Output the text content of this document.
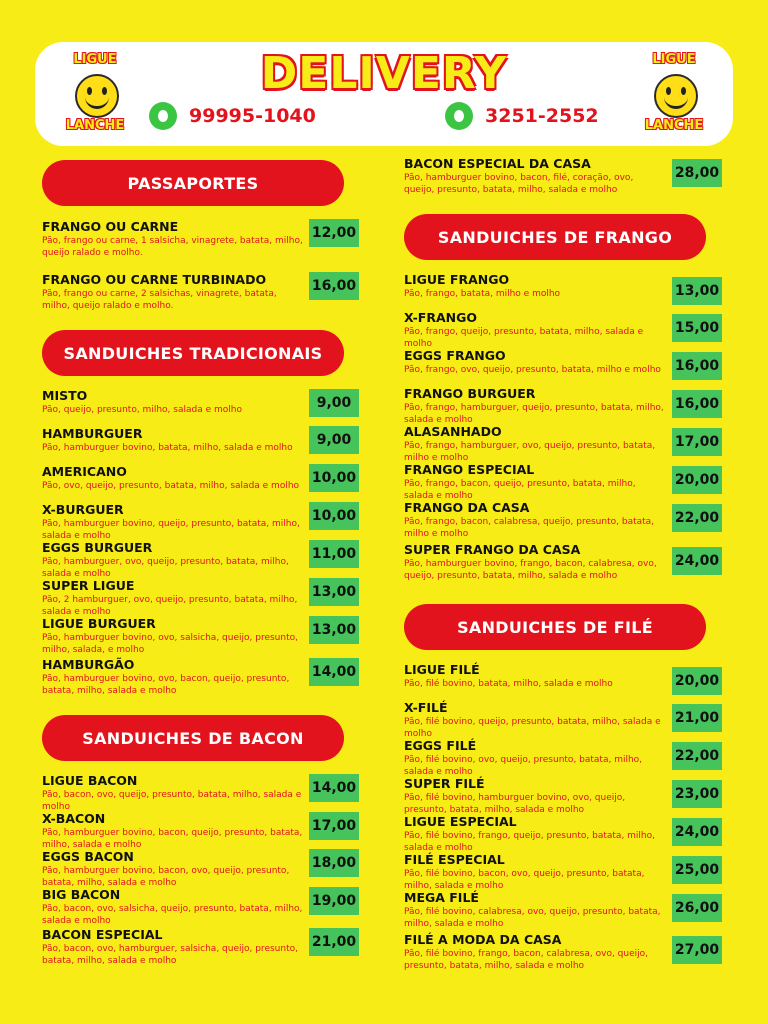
LIGUE
LANCHE
DELIVERY
99995-1040	3251-2552
LIGUE
LANCHE
PASSAPORTES
FRANGO OU CARNE
Pão, frango ou carne, 1 salsicha, vinagrete, batata, milho, queijo ralado e molho.
12,00
FRANGO OU CARNE TURBINADO
Pão, frango ou carne, 2 salsichas, vinagrete, batata, milho, queijo ralado e molho.
16,00
SANDUICHES TRADICIONAIS
MISTO
Pão, queijo, presunto, milho, salada e molho	9,00
HAMBURGUER
Pão, hamburguer bovino, batata, milho, salada e molho	9,00
AMERICANO
Pão, ovo, queijo, presunto, batata, milho, salada e molho 10,00
X-BURGUER
Pão, hamburguer bovino, queijo, presunto, batata, milho, salada e molho
10,00
EGGS BURGUER
Pão, hamburguer, ovo, queijo, presunto, batata, milho, salada e molho
11,00
SUPER LIGUE
Pão, 2 hamburguer, ovo, queijo, presunto, batata, milho, salada e molho
13,00
LIGUE BURGUER
Pão, hamburguer bovino, ovo, salsicha, queijo, presunto, milho, salada, e molho
13,00
HAMBURGÃO
Pão, hamburguer bovino, ovo, bacon, queijo, presunto, batata, milho, salada e molho
14,00
SANDUICHES DE BACON
LIGUE BACON
Pão, bacon, ovo, queijo, presunto, batata, milho, salada e molho
14,00
X-BACON
Pão, hamburguer bovino, bacon, queijo, presunto, batata, milho, salada e molho
17,00
EGGS BACON
Pão, hamburguer bovino, bacon, ovo, queijo, presunto, batata, milho, salada e molho
18,00
BIG BACON
Pão, bacon, ovo, salsicha, queijo, presunto, batata, milho, salada e molho
19,00
BACON ESPECIAL
Pão, bacon, ovo, hamburguer, salsicha, queijo, presunto, batata, milho, salada e molho
21,00
BACON ESPECIAL DA CASA
Pão, hamburguer bovino, bacon, filé, coração, ovo, queijo, presunto, batata, milho, salada e molho
28,00
SANDUICHES DE FRANGO
LIGUE FRANGO
Pão, frango, batata, milho e molho	13,00
X-FRANGO
Pão, frango, queijo, presunto, batata, milho, salada e molho
15,00
EGGS FRANGO
Pão, frango, ovo, queijo, presunto, batata, milho e molho 16,00
FRANGO BURGUER
Pão, frango, hamburguer, queijo, presunto, batata, milho, salada e molho
16,00
ALASANHADO
Pão, frango, hamburguer, ovo, queijo, presunto, batata, milho e molho
17,00
FRANGO ESPECIAL
Pão, frango, bacon, queijo, presunto, batata, milho, salada e molho
20,00
FRANGO DA CASA
Pão, frango, bacon, calabresa, queijo, presunto, batata, milho e molho
22,00
SUPER FRANGO DA CASA
Pão, hamburguer bovino, frango, bacon, calabresa, ovo, queijo, presunto, batata, milho, salada e molho
24,00
SANDUICHES DE FILÉ
LIGUE FILÉ
Pão, filé bovino, batata, milho, salada e molho	20,00
X-FILÉ
Pão, filé bovino, queijo, presunto, batata, milho, salada e molho
21,00
EGGS FILÉ
Pão, filé bovino, ovo, queijo, presunto, batata, milho, salada e molho
22,00
SUPER FILÉ
Pão, filé bovino, hamburguer bovino, ovo, queijo, presunto, batata, milho, salada e molho
23,00
LIGUE ESPECIAL
Pão, filé bovino, frango, queijo, presunto, batata, milho, salada e molho
24,00
FILÉ ESPECIAL
Pão, filé bovino, bacon, ovo, queijo, presunto, batata, milho, salada e molho
25,00
MEGA FILÉ
Pão, filé bovino, calabresa, ovo, queijo, presunto, batata, milho, salada e molho
26,00
FILÉ A MODA DA CASA
Pão, filé bovino, frango, bacon, calabresa, ovo, queijo, presunto, batata, milho, salada e molho
27,00
